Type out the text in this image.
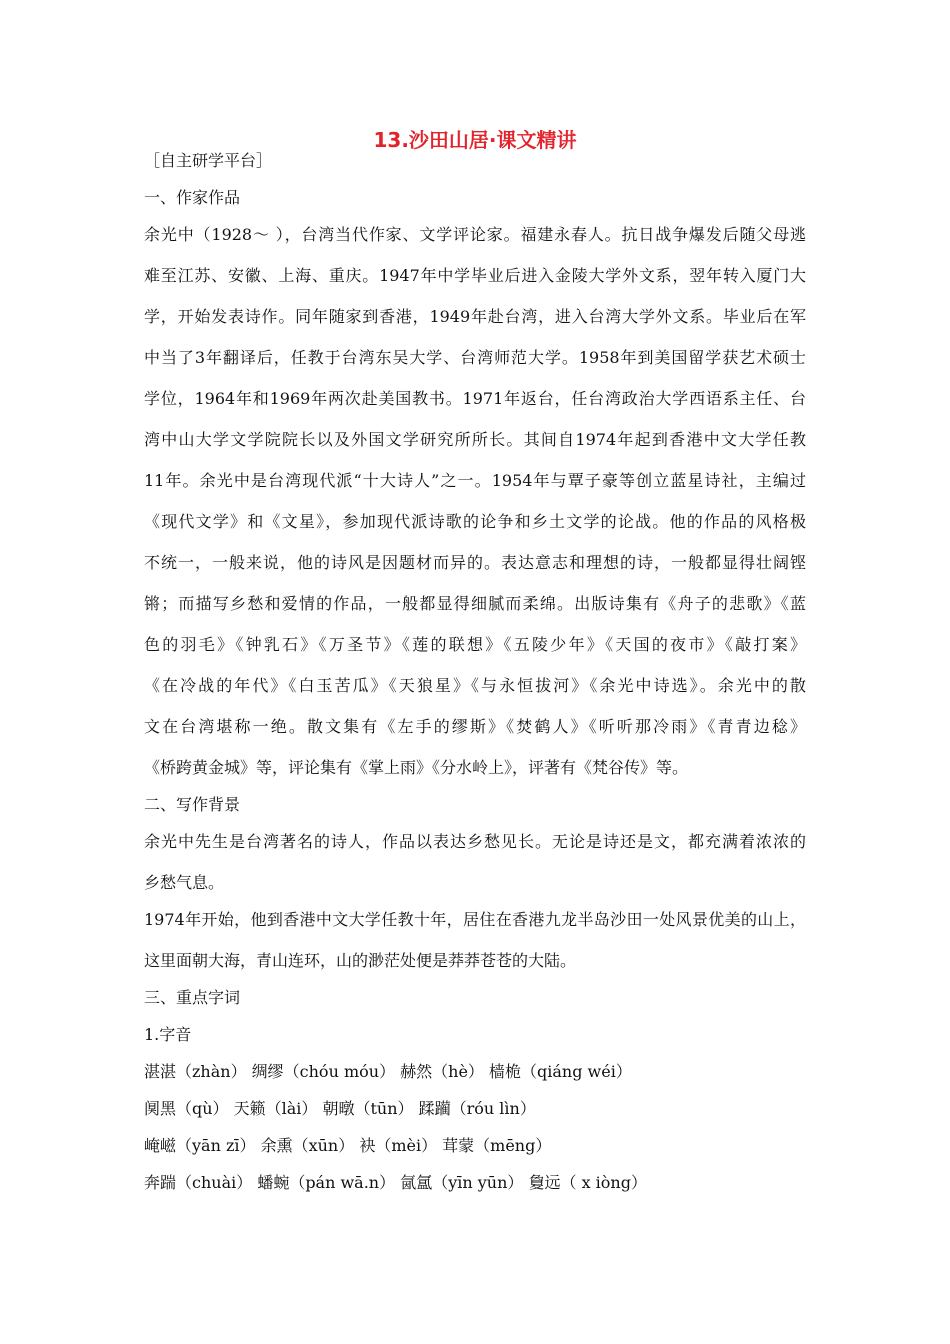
13.沙田山居·课文精讲

［自主研学平台］

一、作家作品

余光中（1928～ ），台湾当代作家、文学评论家。福建永春人。抗日战争爆发后随父母逃

难至江苏、安徽、上海、重庆。1947年中学毕业后进入金陵大学外文系，翌年转入厦门大

学，开始发表诗作。同年随家到香港，1949年赴台湾，进入台湾大学外文系。毕业后在军

中当了3年翻译后，任教于台湾东吴大学、台湾师范大学。1958年到美国留学获艺术硕士

学位，1964年和1969年两次赴美国教书。1971年返台，任台湾政治大学西语系主任、台

湾中山大学文学院院长以及外国文学研究所所长。其间自1974年起到香港中文大学任教

11年。余光中是台湾现代派“十大诗人”之一。1954年与覃子豪等创立蓝星诗社，主编过

《现代文学》和《文星》，参加现代派诗歌的论争和乡土文学的论战。他的作品的风格极

不统一，一般来说，他的诗风是因题材而异的。表达意志和理想的诗，一般都显得壮阔铿

锵；而描写乡愁和爱情的作品，一般都显得细腻而柔绵。出版诗集有《舟子的悲歌》《蓝

色的羽毛》《钟乳石》《万圣节》《莲的联想》《五陵少年》《天国的夜市》《敲打案》

《在冷战的年代》《白玉苦瓜》《天狼星》《与永恒拔河》《余光中诗选》。余光中的散

文在台湾堪称一绝。散文集有《左手的缪斯》《焚鹤人》《听听那冷雨》《青青边稔》

《桥跨黄金城》等，评论集有《掌上雨》《分水岭上》，评著有《梵谷传》等。

二、写作背景

余光中先生是台湾著名的诗人，作品以表达乡愁见长。无论是诗还是文，都充满着浓浓的

乡愁气息。

1974年开始，他到香港中文大学任教十年，居住在香港九龙半岛沙田一处风景优美的山上，

这里面朝大海，青山连环，山的渺茫处便是莽莽苍苍的大陆。

三、重点字词

1.字音

湛湛（zhàn） 绸缪（chóu móu） 赫然（hè） 樯桅（qiáng wéi）

阒黑（qù） 天籁（lài） 朝暾（tūn） 蹂躏（róu lìn）

崦嵫（yān zī） 余熏（xūn） 袂（mèi） 茸蒙（mēng）

奔踹（chuài） 蟠蜿（pán wā.n） 氤氲（yīn yūn） 敻远（ x iòng）
